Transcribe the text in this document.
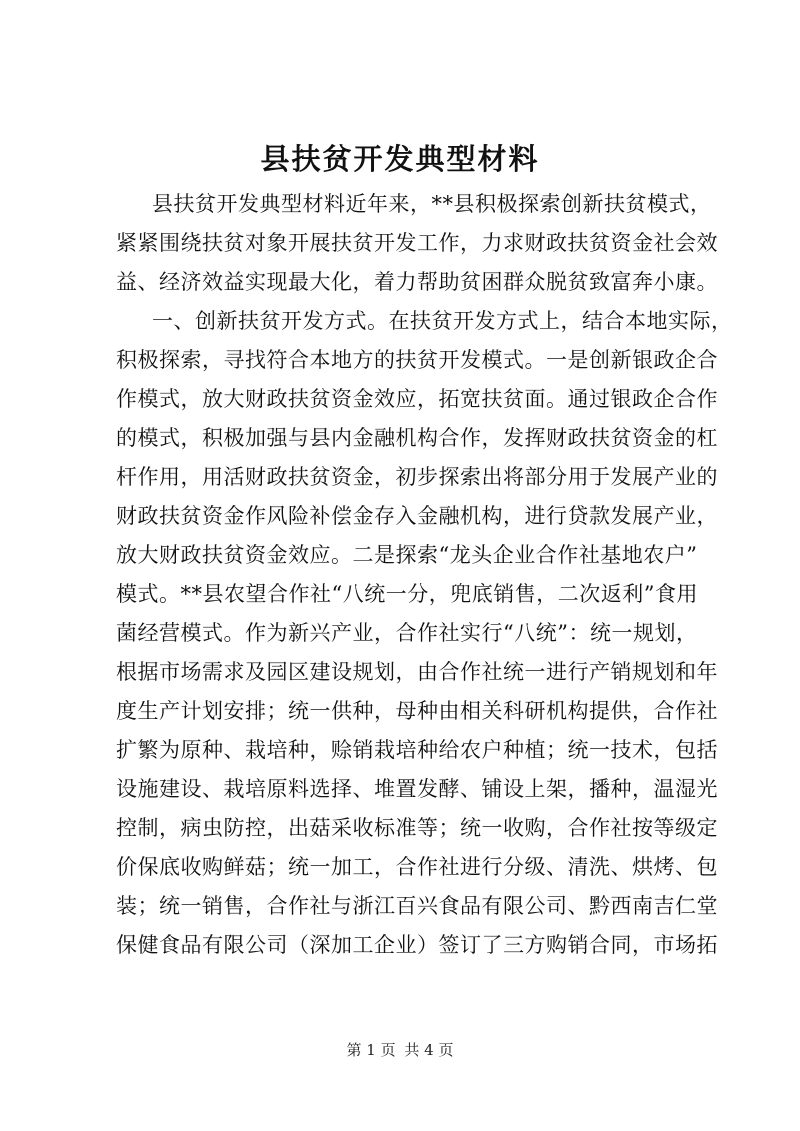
县扶贫开发典型材料
县扶贫开发典型材料近年来，**县积极探索创新扶贫模式，
紧紧围绕扶贫对象开展扶贫开发工作，力求财政扶贫资金社会效
益、经济效益实现最大化，着力帮助贫困群众脱贫致富奔小康。
一、创新扶贫开发方式。在扶贫开发方式上，结合本地实际，
积极探索，寻找符合本地方的扶贫开发模式。一是创新银政企合
作模式，放大财政扶贫资金效应，拓宽扶贫面。通过银政企合作
的模式，积极加强与县内金融机构合作，发挥财政扶贫资金的杠
杆作用，用活财政扶贫资金，初步探索出将部分用于发展产业的
财政扶贫资金作风险补偿金存入金融机构，进行贷款发展产业，
放大财政扶贫资金效应。二是探索“龙头企业合作社基地农户”
模式。**县农望合作社“八统一分，兜底销售，二次返利”食用
菌经营模式。作为新兴产业，合作社实行“八统”：统一规划，
根据市场需求及园区建设规划，由合作社统一进行产销规划和年
度生产计划安排；统一供种，母种由相关科研机构提供，合作社
扩繁为原种、栽培种，赊销栽培种给农户种植；统一技术，包括
设施建设、栽培原料选择、堆置发酵、铺设上架，播种，温湿光
控制，病虫防控，出菇采收标准等；统一收购，合作社按等级定
价保底收购鲜菇；统一加工，合作社进行分级、清洗、烘烤、包
装；统一销售，合作社与浙江百兴食品有限公司、黔西南吉仁堂
保健食品有限公司（深加工企业）签订了三方购销合同，市场拓
第 1 页 共 4 页
